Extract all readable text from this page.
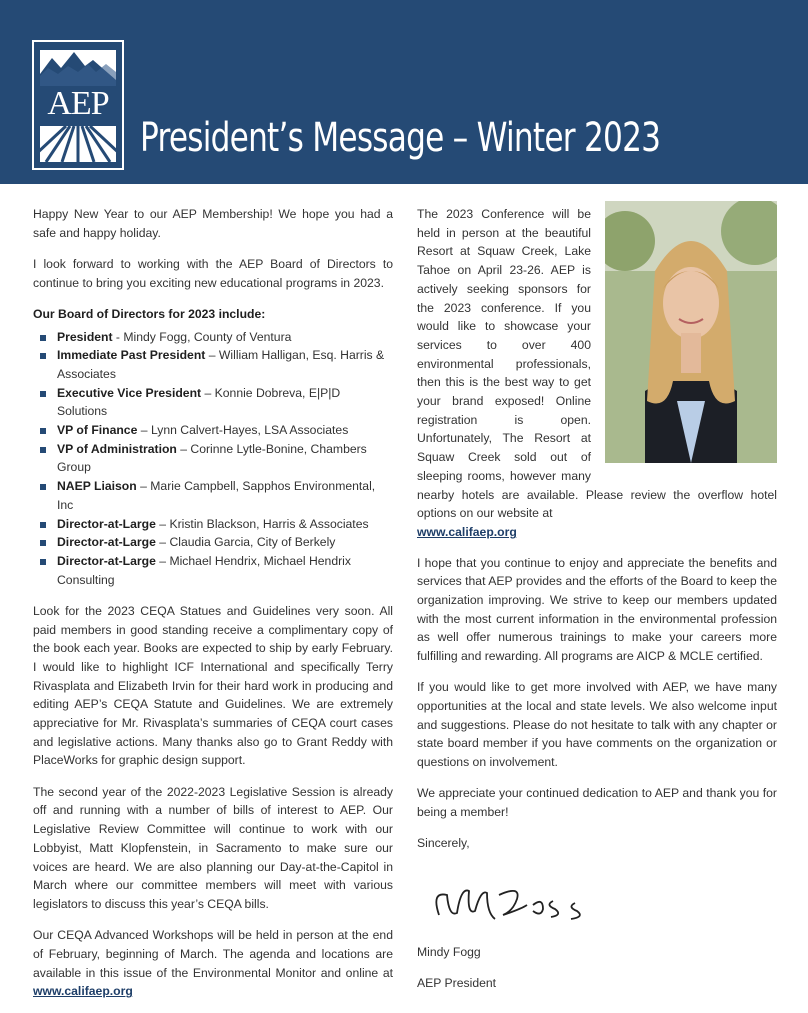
AEP
President’s Message – Winter 2023

Happy New Year to our AEP Membership! We hope you had a safe and happy holiday.

I look forward to working with the AEP Board of Directors to continue to bring you exciting new educational programs in 2023.

Our Board of Directors for 2023 include:
President - Mindy Fogg, County of Ventura
Immediate Past President – William Halligan, Esq. Harris & Associates
Executive Vice President – Konnie Dobreva, E|P|D Solutions
VP of Finance – Lynn Calvert-Hayes, LSA Associates
VP of Administration – Corinne Lytle-Bonine, Chambers Group
NAEP Liaison – Marie Campbell, Sapphos Environmental, Inc
Director-at-Large – Kristin Blackson, Harris & Associates
Director-at-Large – Claudia Garcia, City of Berkely
Director-at-Large – Michael Hendrix, Michael Hendrix Consulting

Look for the 2023 CEQA Statues and Guidelines very soon. All paid members in good standing receive a complimentary copy of the book each year. Books are expected to ship by early February. I would like to highlight ICF International and specifically Terry Rivasplata and Elizabeth Irvin for their hard work in producing and editing AEP’s CEQA Statute and Guidelines. We are extremely appreciative for Mr. Rivasplata’s summaries of CEQA court cases and legislative actions. Many thanks also go to Grant Reddy with PlaceWorks for graphic design support.

The second year of the 2022-2023 Legislative Session is already off and running with a number of bills of interest to AEP. Our Legislative Review Committee will continue to work with our Lobbyist, Matt Klopfenstein, in Sacramento to make sure our voices are heard. We are also planning our Day-at-the-Capitol in March where our committee members will meet with various legislators to discuss this year’s CEQA bills.

Our CEQA Advanced Workshops will be held in person at the end of February, beginning of March. The agenda and locations are available in this issue of the Environmental Monitor and online at www.califaep.org

The 2023 Conference will be held in person at the beautiful Resort at Squaw Creek, Lake Tahoe on April 23-26. AEP is actively seeking sponsors for the 2023 conference. If you would like to showcase your services to over 400 environmental professionals, then this is the best way to get your brand exposed! Online registration is open. Unfortunately, The Resort at Squaw Creek sold out of sleeping rooms, however many nearby hotels are available. Please review the overflow hotel options on our website at
www.califaep.org

I hope that you continue to enjoy and appreciate the benefits and services that AEP provides and the efforts of the Board to keep the organization improving. We strive to keep our members updated with the most current information in the environmental profession as well offer numerous trainings to make your careers more fulfilling and rewarding. All programs are AICP & MCLE certified.

If you would like to get more involved with AEP, we have many opportunities at the local and state levels. We also welcome input and suggestions. Please do not hesitate to talk with any chapter or state board member if you have comments on the organization or questions on involvement.

We appreciate your continued dedication to AEP and thank you for being a member!

Sincerely,

Mindy Fogg

AEP President
